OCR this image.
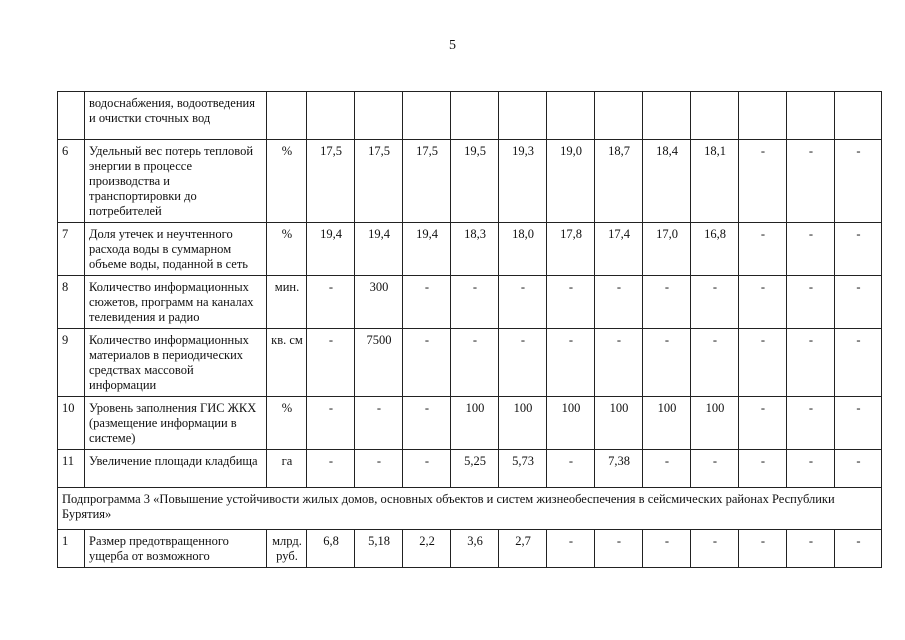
5
	водоснабжения, водоотведения и очистки сточных вод													
6	Удельный вес потерь тепловой энергии в процессе производства и транспортировки до потребителей	%	17,5	17,5	17,5	19,5	19,3	19,0	18,7	18,4	18,1	-	-	-
7	Доля утечек и неучтенного расхода воды в суммарном объеме воды, поданной в сеть	%	19,4	19,4	19,4	18,3	18,0	17,8	17,4	17,0	16,8	-	-	-
8	Количество информационных сюжетов, программ на каналах телевидения и радио	мин.	-	300	-	-	-	-	-	-	-	-	-	-
9	Количество информационных материалов в периодических средствах массовой информации	кв. см	-	7500	-	-	-	-	-	-	-	-	-	-
10	Уровень заполнения ГИС ЖКХ (размещение информации в системе)	%	-	-	-	100	100	100	100	100	100	-	-	-
11	Увеличение площади кладбища	га	-	-	-	5,25	5,73	-	7,38	-	-	-	-	-
Подпрограмма 3 «Повышение устойчивости жилых домов, основных объектов и систем жизнеобеспечения в сейсмических районах Республики Бурятия»														
1	Размер предотвращенного ущерба от возможного	млрд. руб.	6,8	5,18	2,2	3,6	2,7	-	-	-	-	-	-	-
